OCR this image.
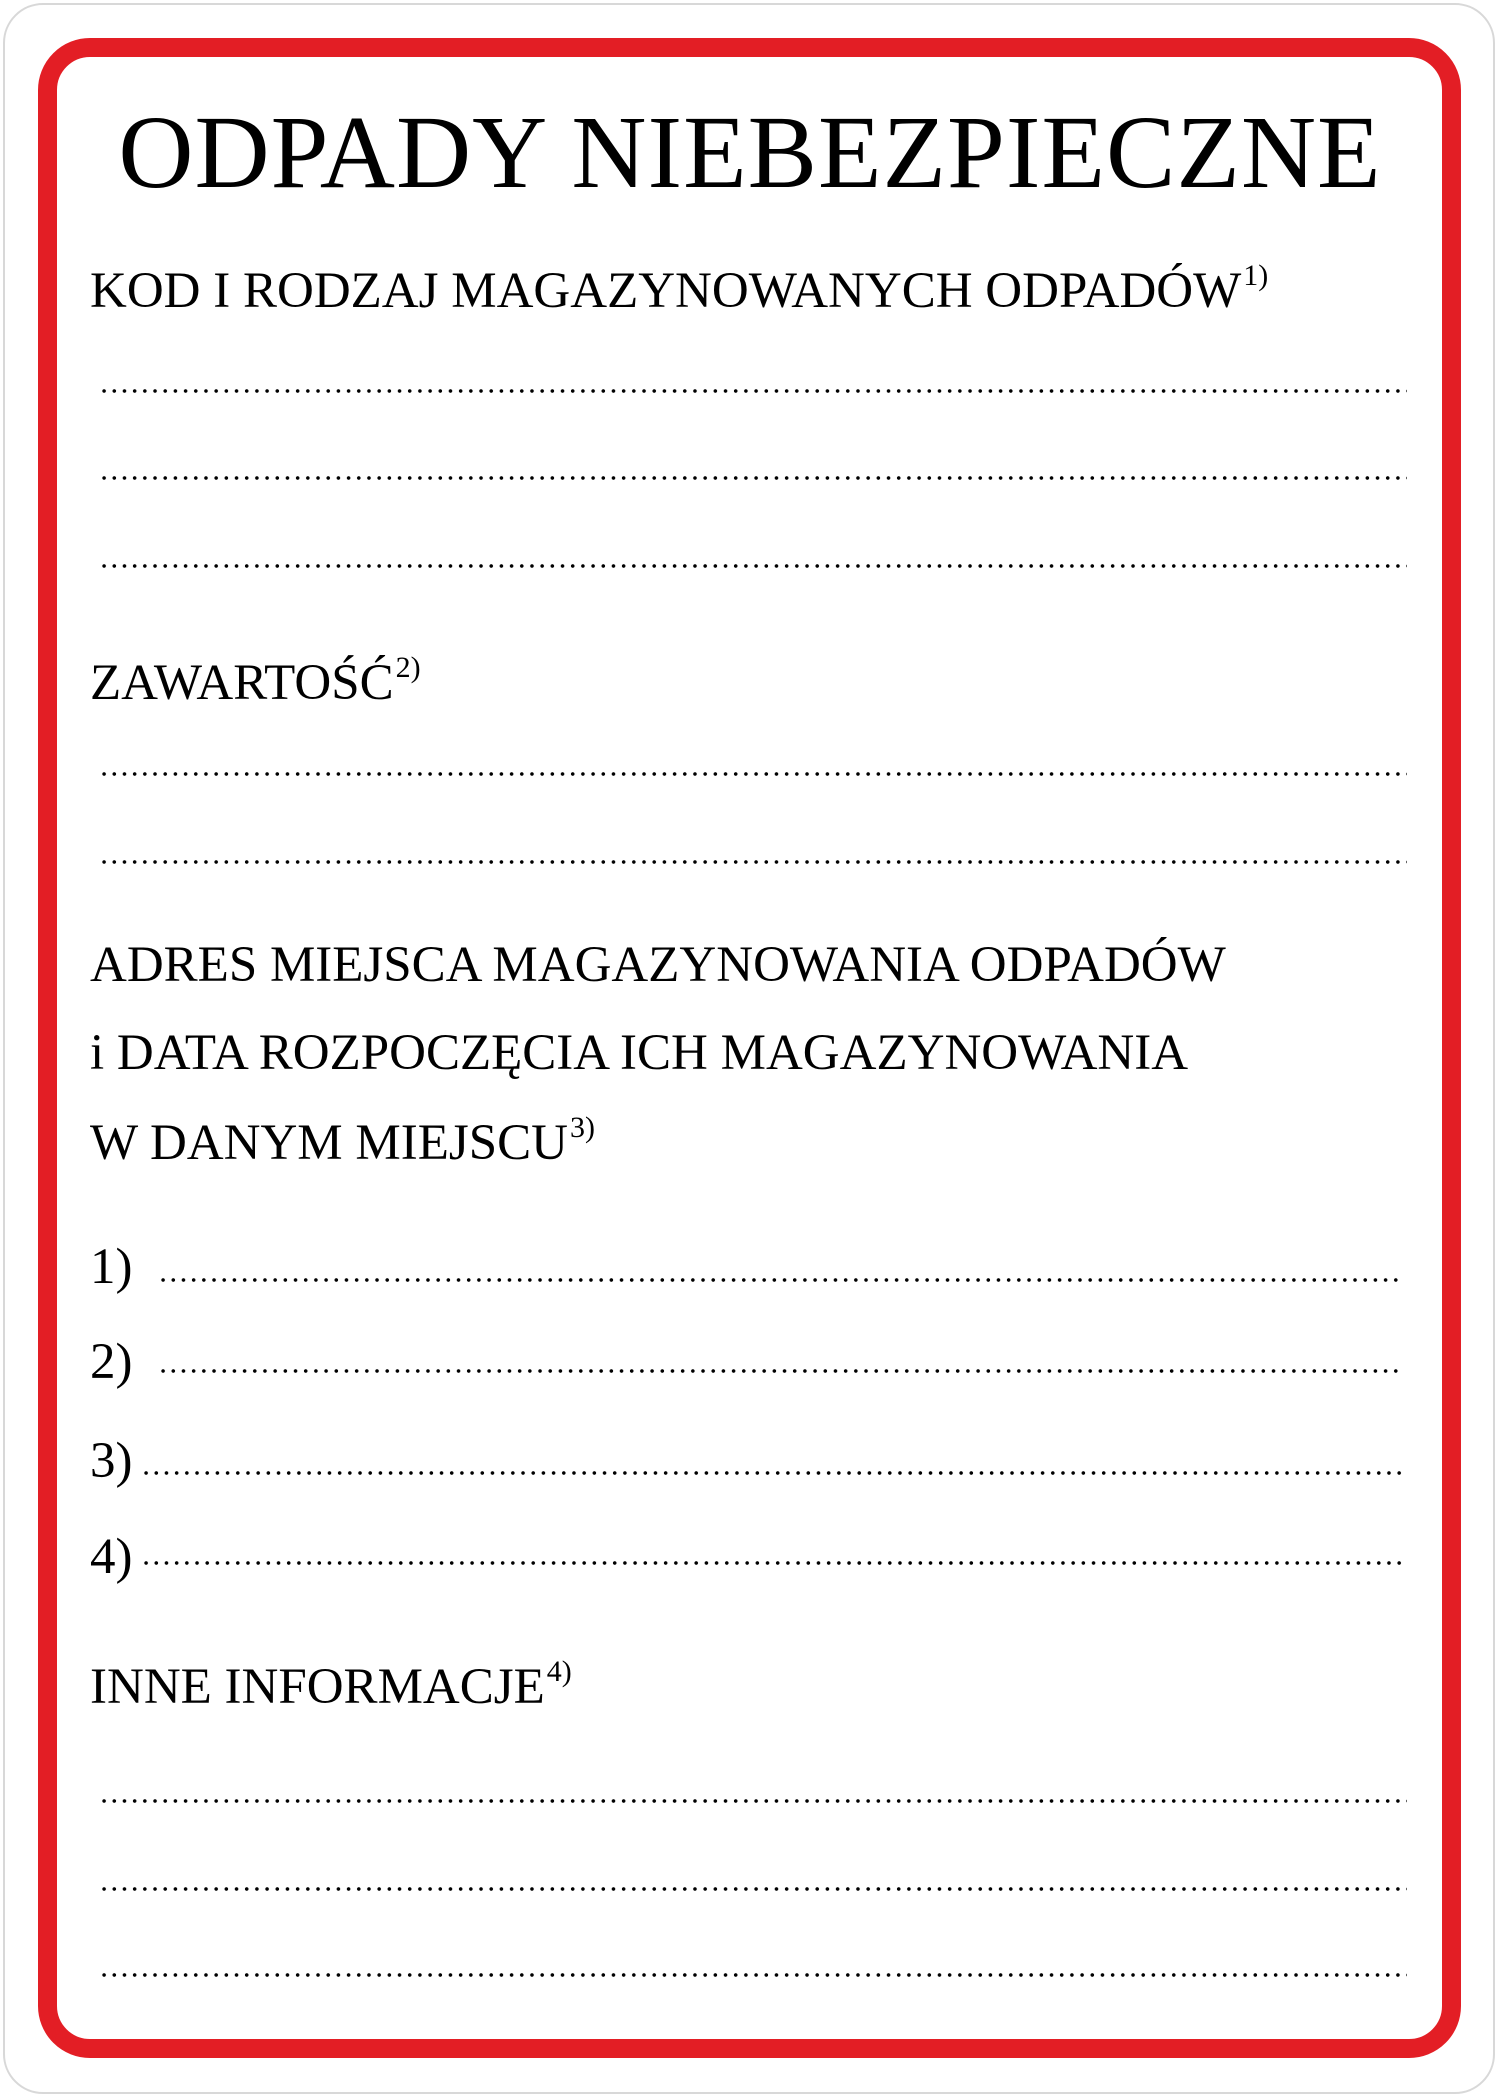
ODPADY NIEBEZPIECZNE
KOD I RODZAJ MAGAZYNOWANYCH ODPADÓW$^{1)}$
ZAWARTOŚĆ$^{2)}$
ADRES MIEJSCA MAGAZYNOWANIA ODPADÓW
i DATA ROZPOCZĘCIA ICH MAGAZYNOWANIA
W DANYM MIEJSCU$^{3)}$
1)
2)
3)
4)
INNE INFORMACJE$^{4)}$
